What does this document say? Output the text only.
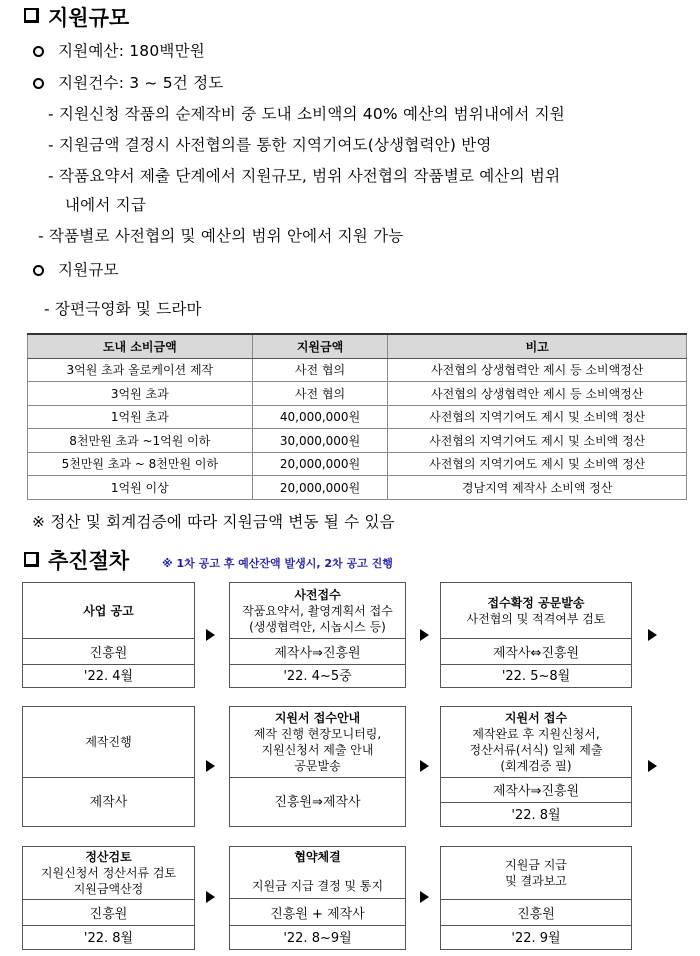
지원규모
지원예산: 180백만원
지원건수: 3 ~ 5건 정도
- 지원신청 작품의 순제작비 중 도내 소비액의 40% 예산의 범위내에서 지원
- 지원금액 결정시 사전협의를 통한 지역기여도(상생협력안) 반영
- 작품요약서 제출 단계에서 지원규모, 범위 사전협의 작품별로 예산의 범위
내에서 지급
- 작품별로 사전협의 및 예산의 범위 안에서 지원 가능
지원규모
- 장편극영화 및 드라마
도내 소비금액	지원금액	비고
3억원 초과 올로케이션 제작	사전 협의	사전협의 상생협력안 제시 등 소비액정산
3억원 초과	사전 협의	사전협의 상생협력안 제시 등 소비액정산
1억원 초과	40,000,000원	사전협의 지역기여도 제시 및 소비액 정산
8천만원 초과 ~1억원 이하	30,000,000원	사전협의 지역기여도 제시 및 소비액 정산
5천만원 초과 ~ 8천만원 이하	20,000,000원	사전협의 지역기여도 제시 및 소비액 정산
1억원 이상	20,000,000원	경남지역 제작사 소비액 정산
※ 정산 및 회계검증에 따라 지원금액 변동 될 수 있음
추진절차	※ 1차 공고 후 예산잔액 발생시, 2차 공고 진행
사업 공고
진흥원
'22. 4월
사전접수
작품요약서, 촬영계획서 접수
(생생협력안, 시놉시스 등)
제작사⇒진흥원
'22. 4~5중
접수확정 공문발송
사전협의 및 적격여부 검토
제작사⇔진흥원
'22. 5~8월
제작진행
제작사
지원서 접수안내
제작 진행 현장모니터링,
지원신청서 제출 안내
공문발송
진흥원⇒제작사
지원서 접수
제작완료 후 지원신청서,
정산서류(서식) 일체 제출
(회계검증 필)
제작사⇒진흥원
'22. 8월
정산검토
지원신청서 정산서류 검토
지원금액산정
진흥원
'22. 8월
협약체결
지원금 지급 결정 및 통지
진흥원 + 제작사
'22. 8~9월
지원금 지급
및 결과보고
진흥원
'22. 9월
